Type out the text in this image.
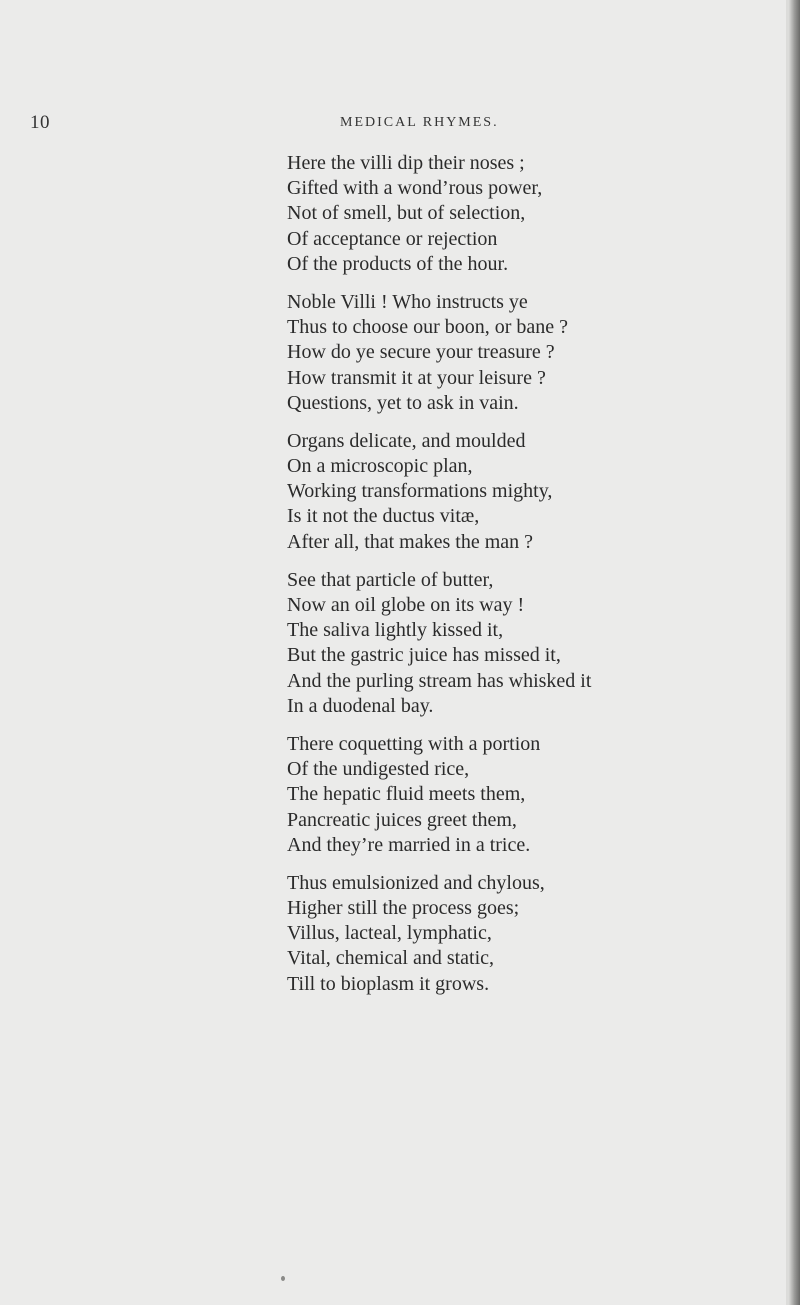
10	MEDICAL RHYMES.
Here the villi dip their noses ;
Gifted with a wond’rous power,
Not of smell, but of selection,
Of acceptance or rejection
Of the products of the hour.
Noble Villi ! Who instructs ye
Thus to choose our boon, or bane ?
How do ye secure your treasure ?
How transmit it at your leisure ?
Questions, yet to ask in vain.
Organs delicate, and moulded
On a microscopic plan,
Working transformations mighty,
Is it not the ductus vitæ,
After all, that makes the man ?
See that particle of butter,
Now an oil globe on its way !
The saliva lightly kissed it,
But the gastric juice has missed it,
And the purling stream has whisked it
In a duodenal bay.
There coquetting with a portion
Of the undigested rice,
The hepatic fluid meets them,
Pancreatic juices greet them,
And they’re married in a trice.
Thus emulsionized and chylous,
Higher still the process goes;
Villus, lacteal, lymphatic,
Vital, chemical and static,
Till to bioplasm it grows.
